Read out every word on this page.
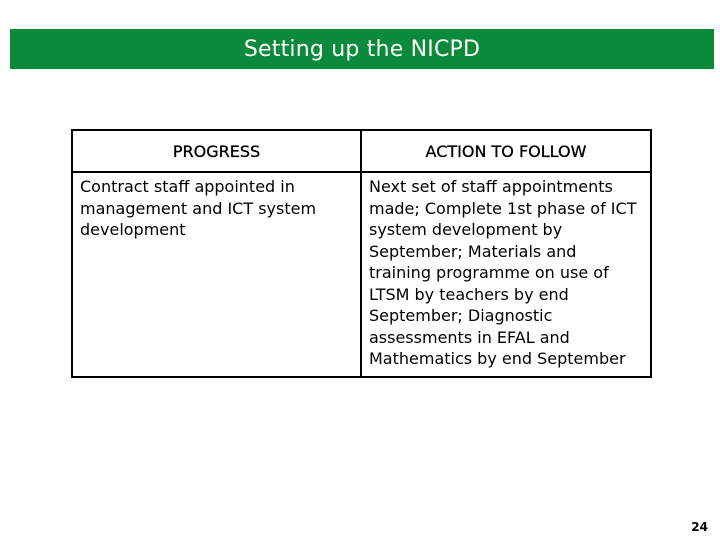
Setting up the NICPD
PROGRESS	ACTION TO FOLLOW
Contract staff appointed in management and ICT system development	Next set of staff appointments made; Complete 1st phase of ICT system development by September; Materials and training programme on use of LTSM by teachers by end September; Diagnostic assessments in EFAL and Mathematics by end September
24
